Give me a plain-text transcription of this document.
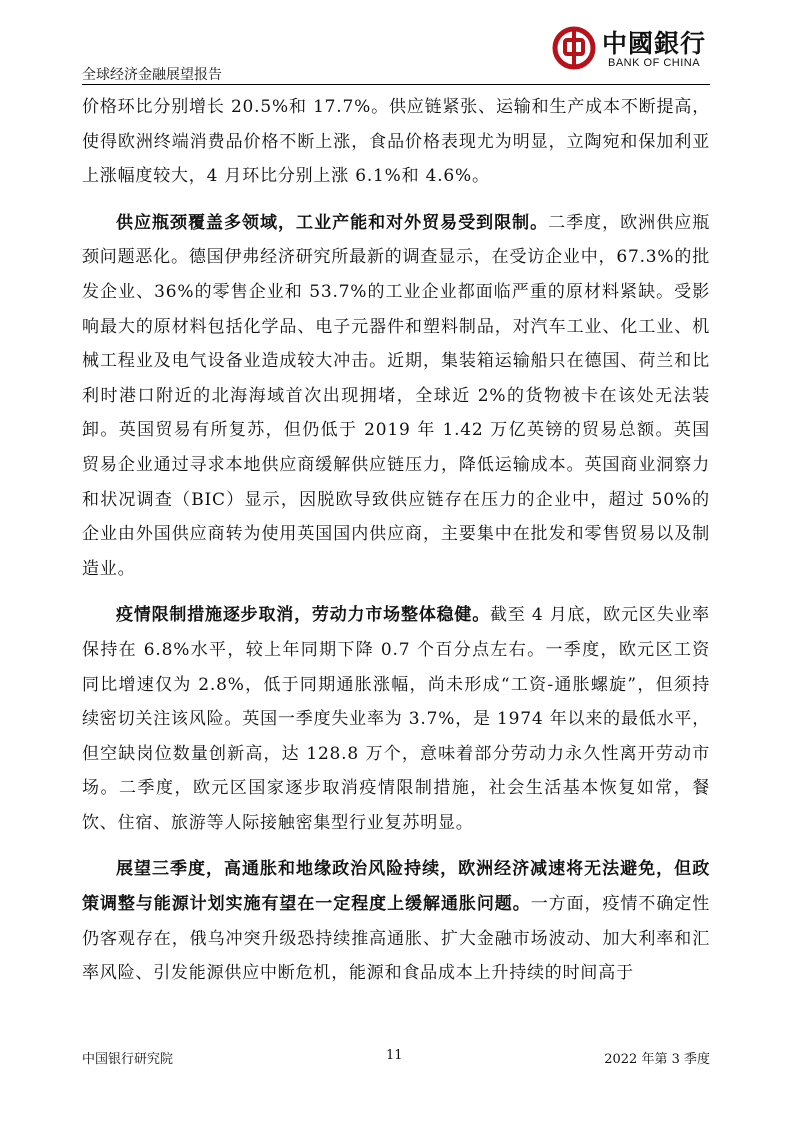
全球经济金融展望报告
中國銀行
BANK OF CHINA

价格环比分别增长 20.5%和 17.7%。供应链紧张、运输和生产成本不断提高，使得欧洲终端消费品价格不断上涨，食品价格表现尤为明显，立陶宛和保加利亚上涨幅度较大，4 月环比分别上涨 6.1%和 4.6%。

供应瓶颈覆盖多领域，工业产能和对外贸易受到限制。二季度，欧洲供应瓶颈问题恶化。德国伊弗经济研究所最新的调查显示，在受访企业中，67.3%的批发企业、36%的零售企业和 53.7%的工业企业都面临严重的原材料紧缺。受影响最大的原材料包括化学品、电子元器件和塑料制品，对汽车工业、化工业、机械工程业及电气设备业造成较大冲击。近期，集装箱运输船只在德国、荷兰和比利时港口附近的北海海域首次出现拥堵，全球近 2%的货物被卡在该处无法装卸。英国贸易有所复苏，但仍低于 2019 年 1.42 万亿英镑的贸易总额。英国贸易企业通过寻求本地供应商缓解供应链压力，降低运输成本。英国商业洞察力和状况调查（BIC）显示，因脱欧导致供应链存在压力的企业中，超过 50%的企业由外国供应商转为使用英国国内供应商，主要集中在批发和零售贸易以及制造业。

疫情限制措施逐步取消，劳动力市场整体稳健。截至 4 月底，欧元区失业率保持在 6.8%水平，较上年同期下降 0.7 个百分点左右。一季度，欧元区工资同比增速仅为 2.8%，低于同期通胀涨幅，尚未形成“工资-通胀螺旋”，但须持续密切关注该风险。英国一季度失业率为 3.7%，是 1974 年以来的最低水平，但空缺岗位数量创新高，达 128.8 万个，意味着部分劳动力永久性离开劳动市场。二季度，欧元区国家逐步取消疫情限制措施，社会生活基本恢复如常，餐饮、住宿、旅游等人际接触密集型行业复苏明显。

展望三季度，高通胀和地缘政治风险持续，欧洲经济减速将无法避免，但政策调整与能源计划实施有望在一定程度上缓解通胀问题。一方面，疫情不确定性仍客观存在，俄乌冲突升级恐持续推高通胀、扩大金融市场波动、加大利率和汇率风险、引发能源供应中断危机，能源和食品成本上升持续的时间高于

中国银行研究院	11	2022 年第 3 季度
